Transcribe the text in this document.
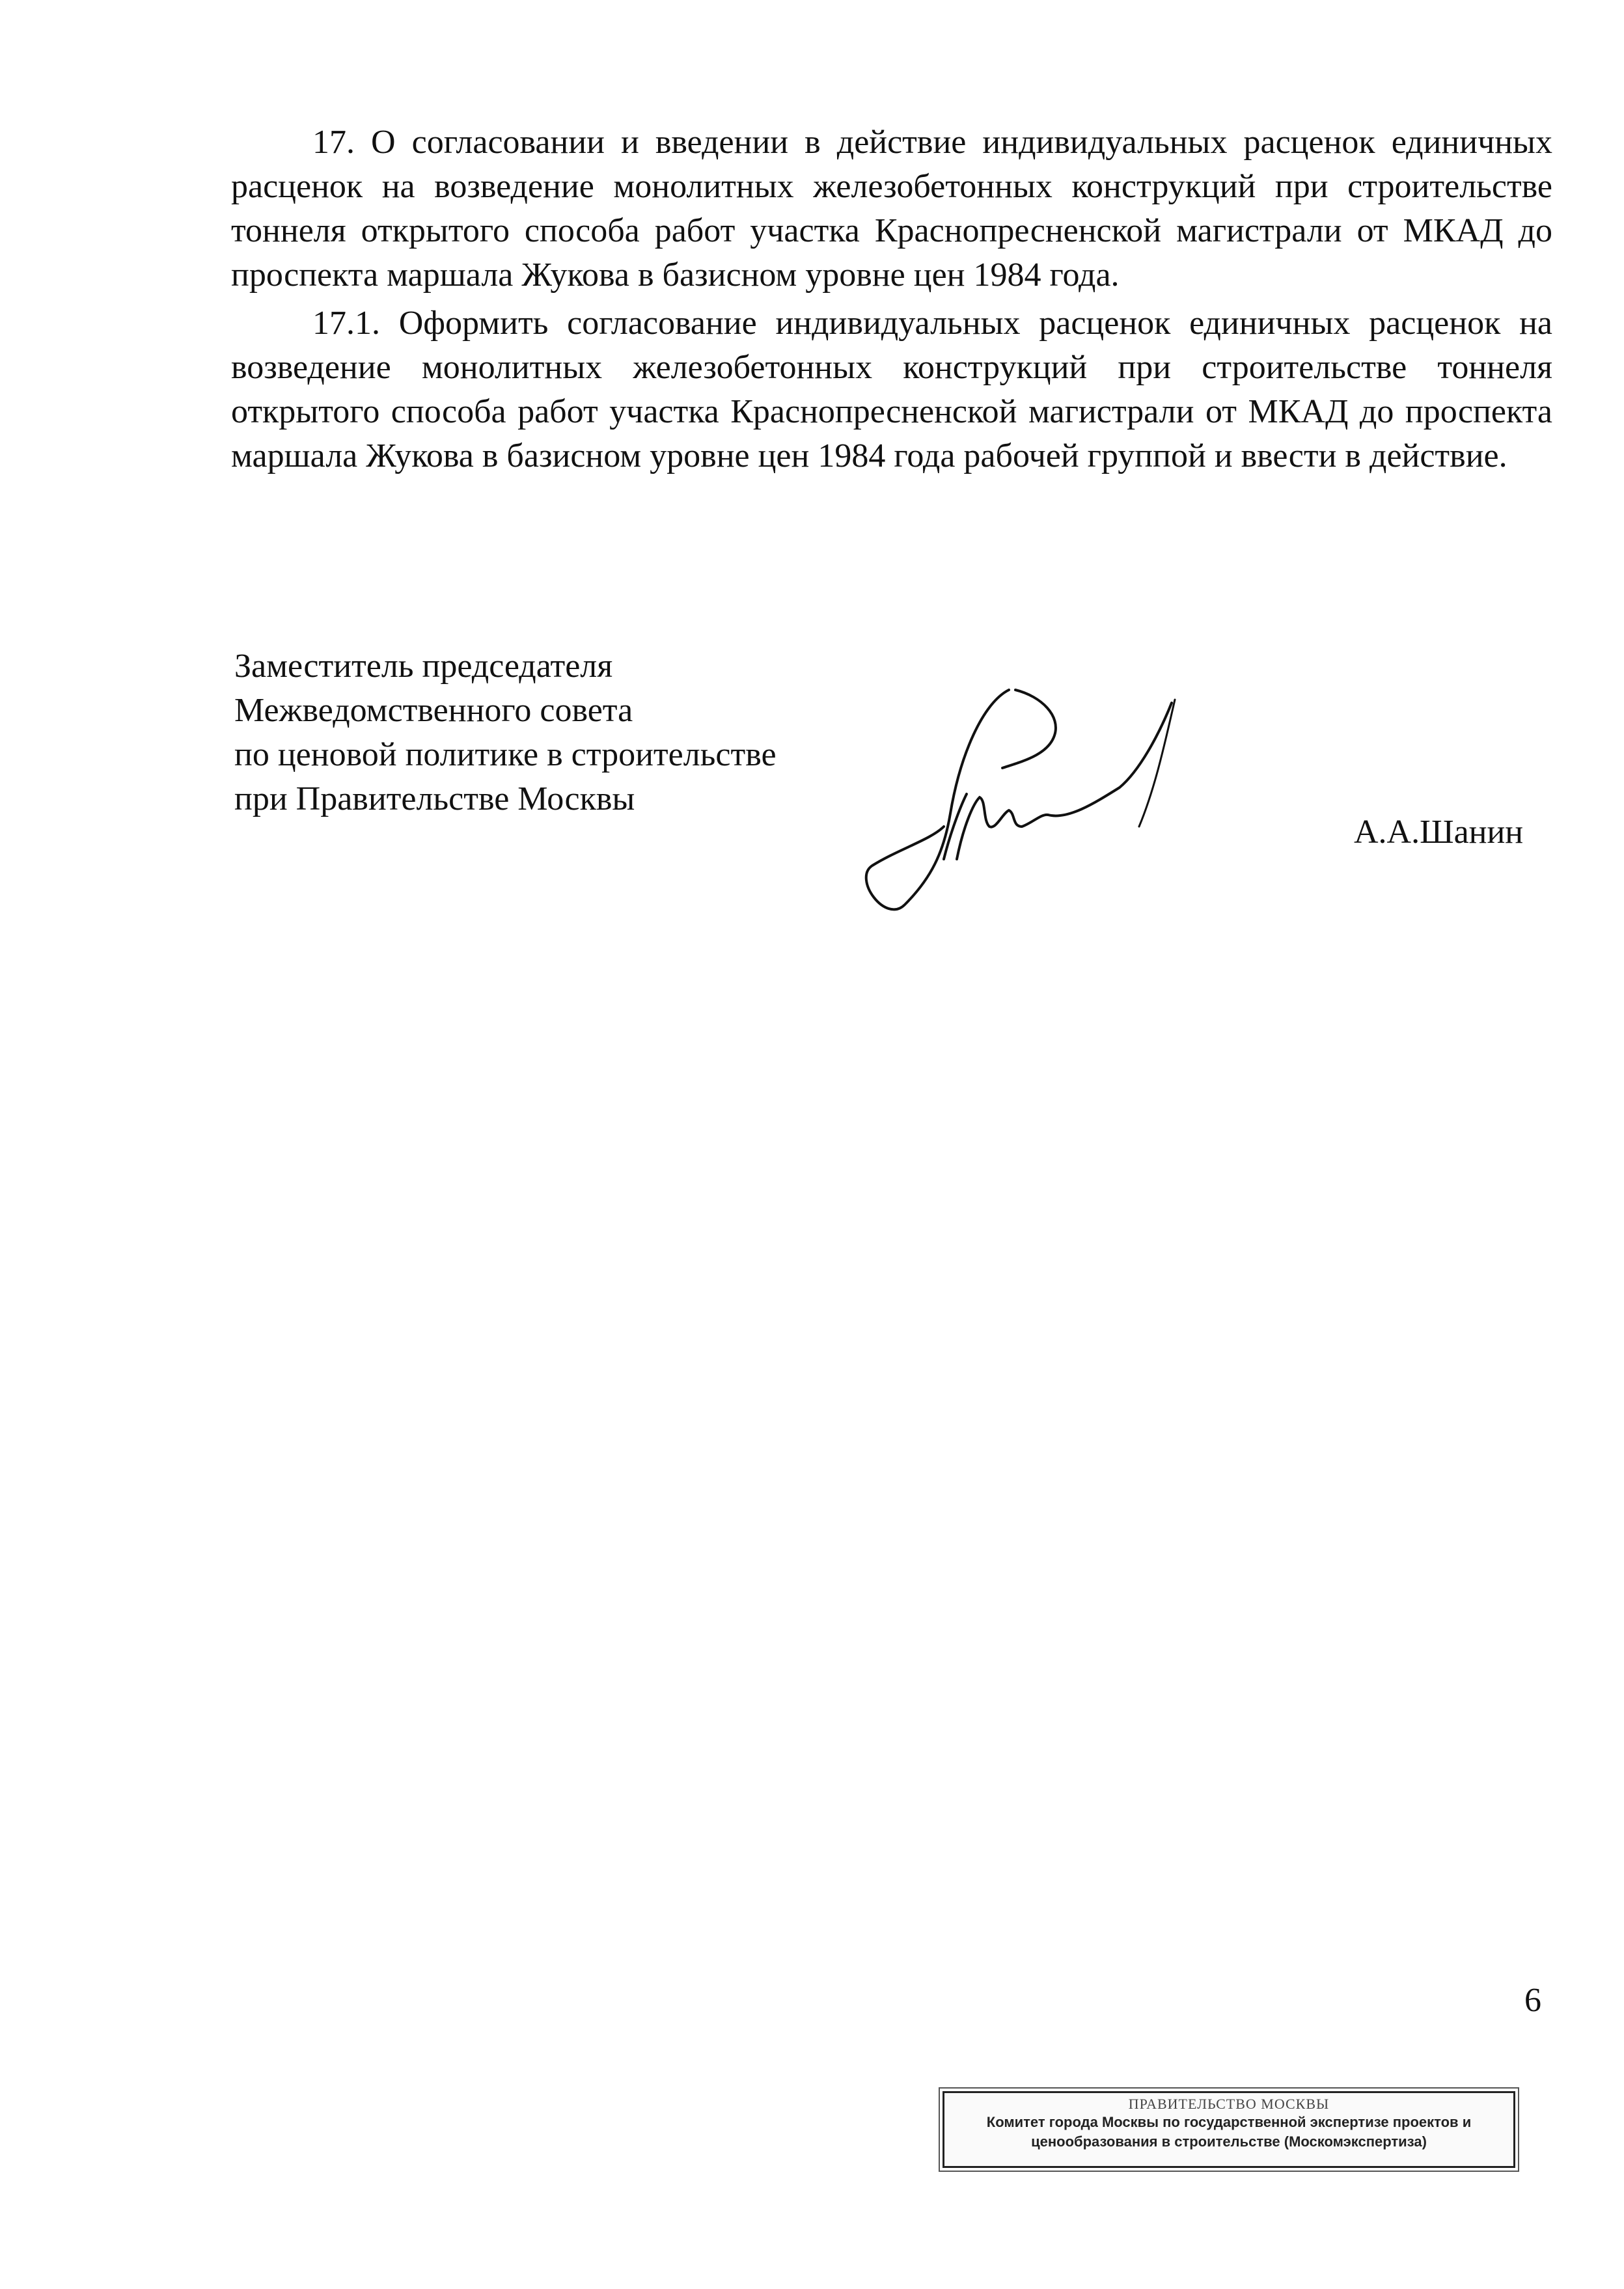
17. О согласовании и введении в действие индивидуальных расценок единичных расценок на возведение монолитных железобетонных конструкций при строительстве тоннеля открытого способа работ участка Краснопресненской магистрали от МКАД до проспекта маршала Жукова в базисном уровне цен 1984 года.

17.1. Оформить согласование индивидуальных расценок единичных расценок на возведение монолитных железобетонных конструкций при строительстве тоннеля открытого способа работ участка Краснопресненской магистрали от МКАД до проспекта маршала Жукова в базисном уровне цен 1984 года рабочей группой и ввести в действие.

Заместитель председателя
Межведомственного совета
по ценовой политике в строительстве
при Правительстве Москвы
А.А.Шанин
6
ПРАВИТЕЛЬСТВО МОСКВЫ
Комитет города Москвы по государственной экспертизе проектов и
ценообразования в строительстве (Москомэкспертиза)
